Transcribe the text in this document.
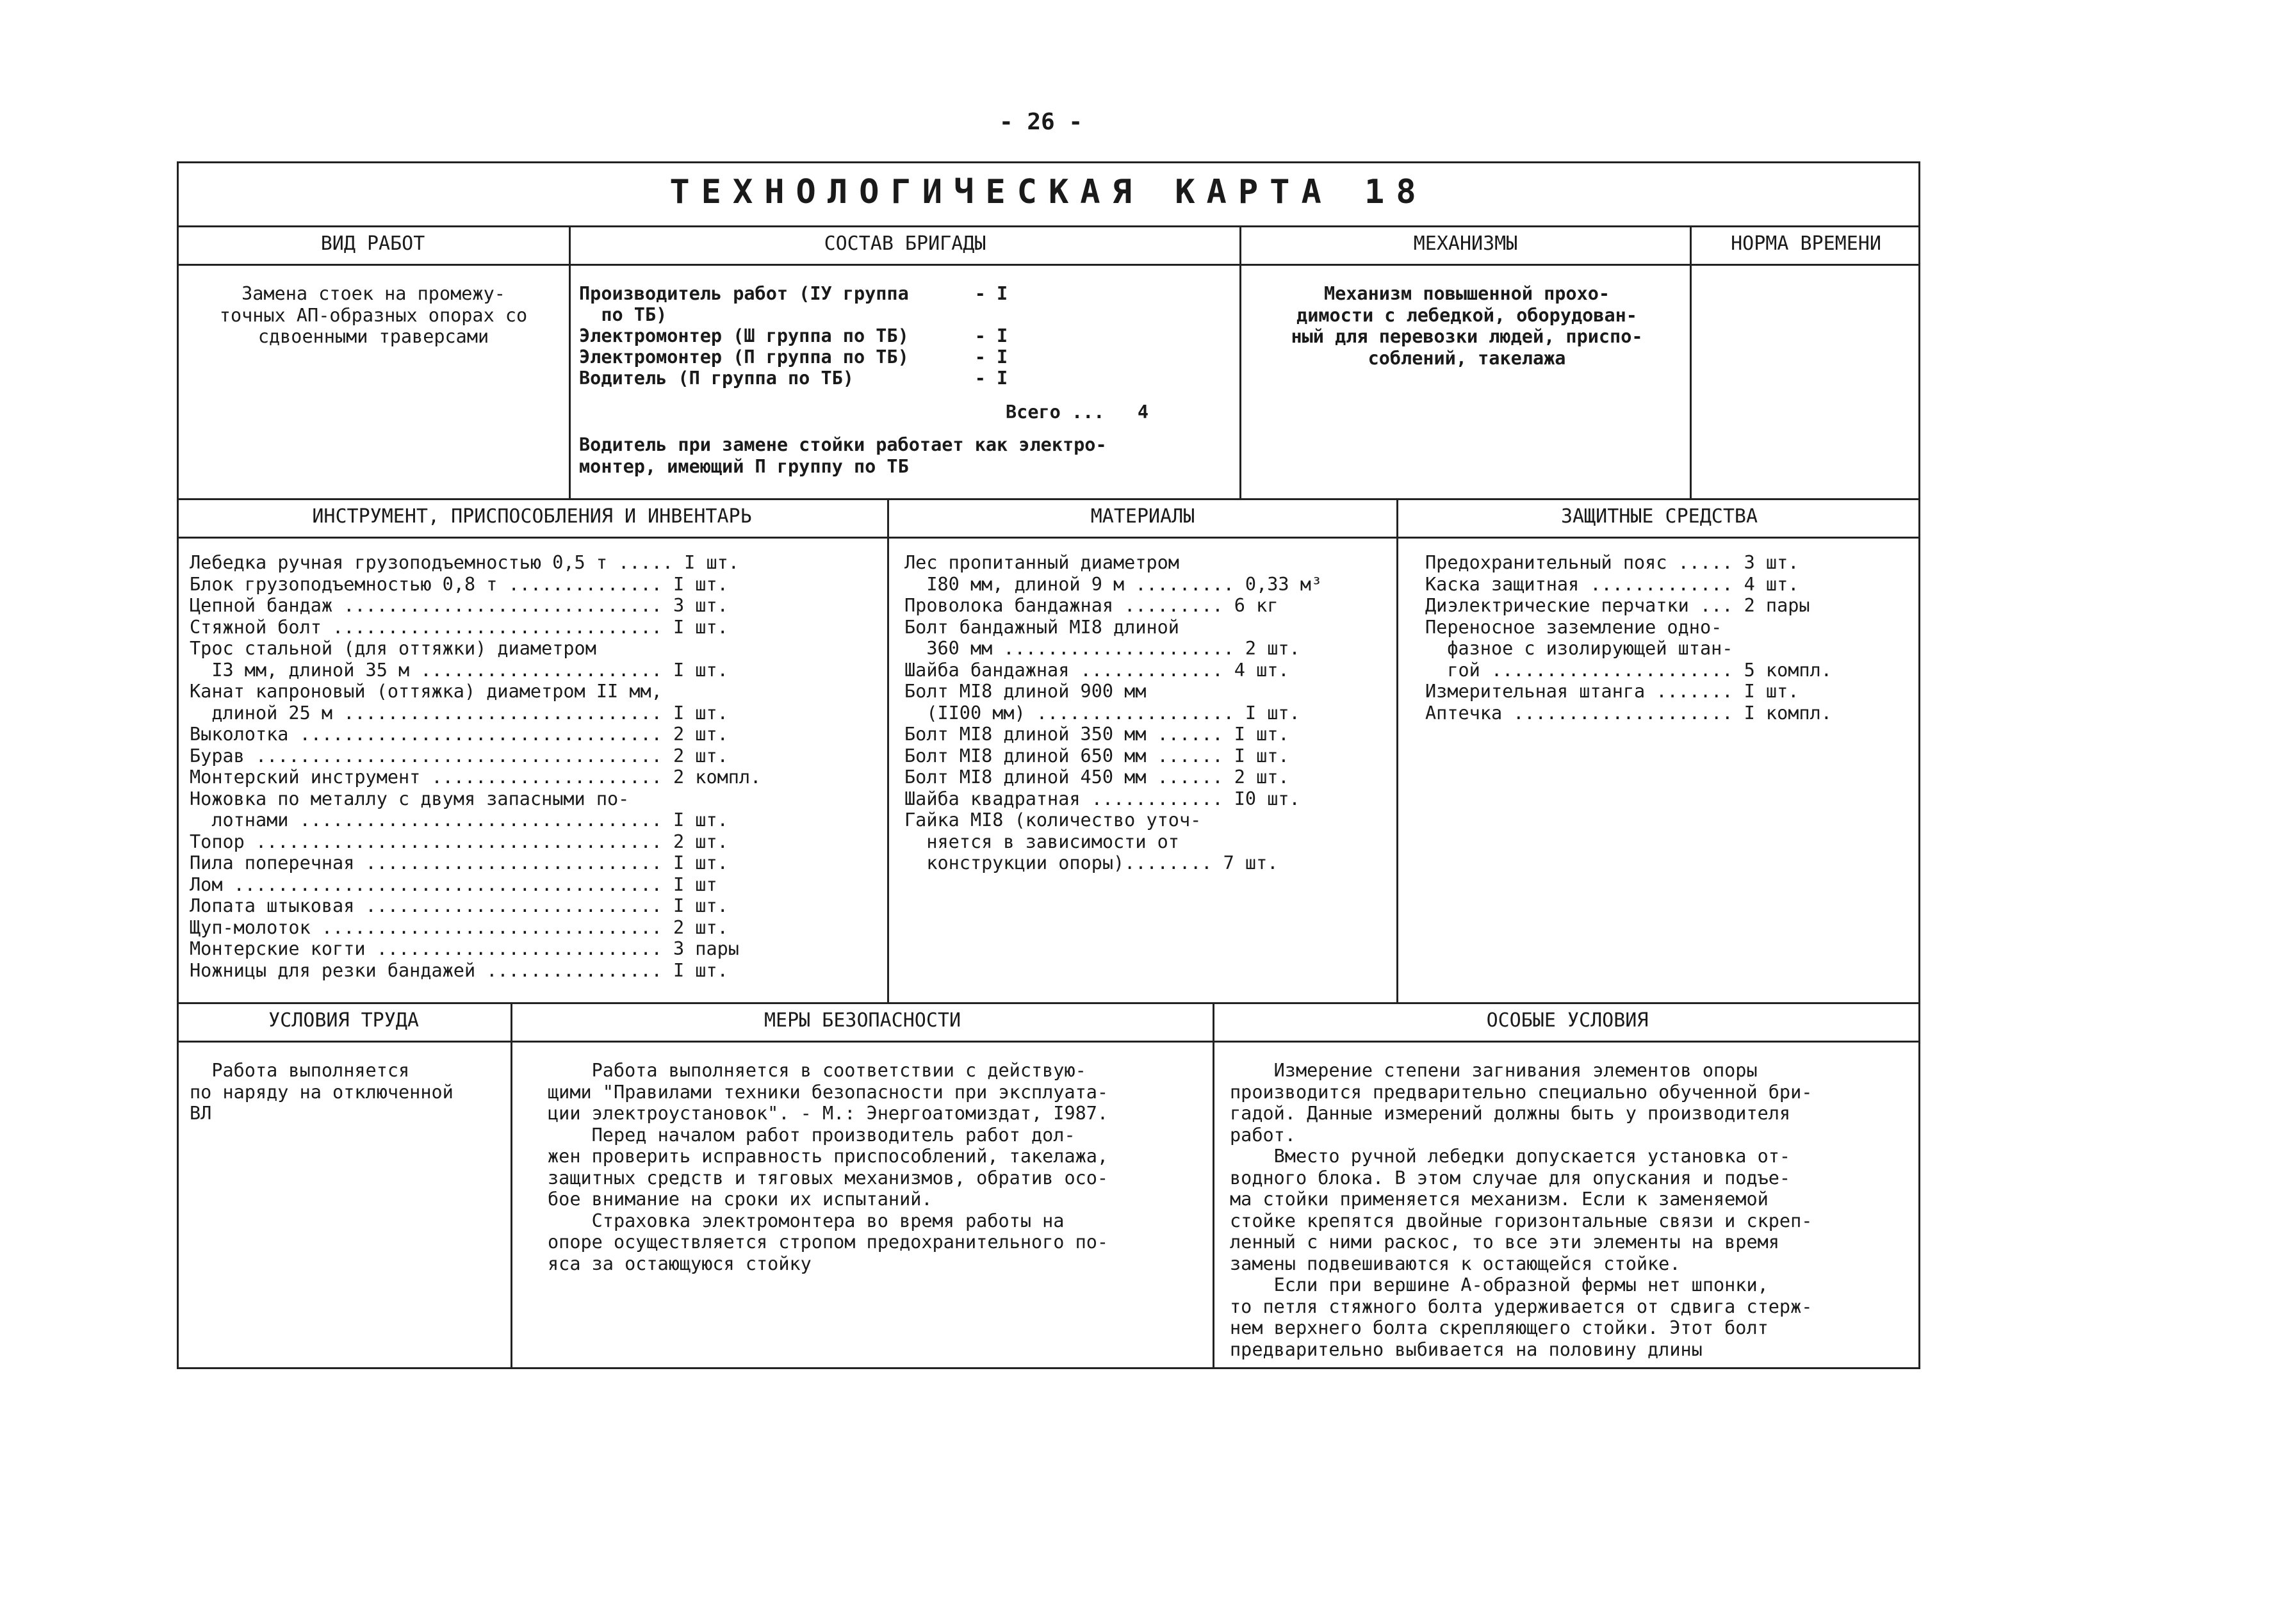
- 26 -
ТЕХНОЛОГИЧЕСКАЯ КАРТА 18
ВИД РАБОТ	СОСТАВ БРИГАДЫ	МЕХАНИЗМЫ	НОРМА ВРЕМЕНИ
Замена стоек на промежу-
точных АП-образных опорах со
сдвоенными траверсами
Производитель работ (IУ группа      - I
по ТБ)
Электромонтер (Ш группа по ТБ)      - I
Электромонтер (П группа по ТБ)      - I
Водитель (П группа по ТБ)           - I
Всего ...   4
Водитель при замене стойки работает как электро-
монтер, имеющий П группу по ТБ
Механизм повышенной прохо-
димости с лебедкой, оборудован-
ный для перевозки людей, приспо-
соблений, такелажа
ИНСТРУМЕНТ, ПРИСПОСОБЛЕНИЯ И ИНВЕНТАРЬ	МАТЕРИАЛЫ	ЗАЩИТНЫЕ СРЕДСТВА
Лебедка ручная грузоподъемностью 0,5 т ..... I шт.
Блок грузоподъемностью 0,8 т .............. I шт.
Цепной бандаж ............................. 3 шт.
Стяжной болт .............................. I шт.
Трос стальной (для оттяжки) диаметром
I3 мм, длиной 35 м ...................... I шт.
Канат капроновый (оттяжка) диаметром II мм,
длиной 25 м ............................. I шт.
Выколотка ................................. 2 шт.
Бурав ..................................... 2 шт.
Монтерский инструмент ..................... 2 компл.
Ножовка по металлу с двумя запасными по-
лотнами ................................. I шт.
Топор ..................................... 2 шт.
Пила поперечная ........................... I шт.
Лом ....................................... I шт
Лопата штыковая ........................... I шт.
Щуп-молоток ............................... 2 шт.
Монтерские когти .......................... 3 пары
Ножницы для резки бандажей ................ I шт.
Лес пропитанный диаметром
I80 мм, длиной 9 м ......... 0,33 м³
Проволока бандажная ......... 6 кг
Болт бандажный МI8 длиной
360 мм ..................... 2 шт.
Шайба бандажная ............. 4 шт.
Болт МI8 длиной 900 мм
(II00 мм) .................. I шт.
Болт МI8 длиной 350 мм ...... I шт.
Болт МI8 длиной 650 мм ...... I шт.
Болт МI8 длиной 450 мм ...... 2 шт.
Шайба квадратная ............ I0 шт.
Гайка МI8 (количество уточ-
няется в зависимости от
конструкции опоры)........ 7 шт.
Предохранительный пояс ..... 3 шт.
Каска защитная ............. 4 шт.
Диэлектрические перчатки ... 2 пары
Переносное заземление одно-
фазное с изолирующей штан-
гой ...................... 5 компл.
Измерительная штанга ....... I шт.
Аптечка .................... I компл.
УСЛОВИЯ ТРУДА	МЕРЫ БЕЗОПАСНОСТИ	ОСОБЫЕ УСЛОВИЯ
Работа выполняется
по наряду на отключенной
ВЛ
Работа выполняется в соответствии с действую-
щими "Правилами техники безопасности при эксплуата-
ции электроустановок". - М.: Энергоатомиздат, I987.
Перед началом работ производитель работ дол-
жен проверить исправность приспособлений, такелажа,
защитных средств и тяговых механизмов, обратив осо-
бое внимание на сроки их испытаний.
Страховка электромонтера во время работы на
опоре осуществляется стропом предохранительного по-
яса за остающуюся стойку
Измерение степени загнивания элементов опоры
производится предварительно специально обученной бри-
гадой. Данные измерений должны быть у производителя
работ.
Вместо ручной лебедки допускается установка от-
водного блока. В этом случае для опускания и подъе-
ма стойки применяется механизм. Если к заменяемой
стойке крепятся двойные горизонтальные связи и скреп-
ленный с ними раскос, то все эти элементы на время
замены подвешиваются к остающейся стойке.
Если при вершине А-образной фермы нет шпонки,
то петля стяжного болта удерживается от сдвига стерж-
нем верхнего болта скрепляющего стойки. Этот болт
предварительно выбивается на половину длины
